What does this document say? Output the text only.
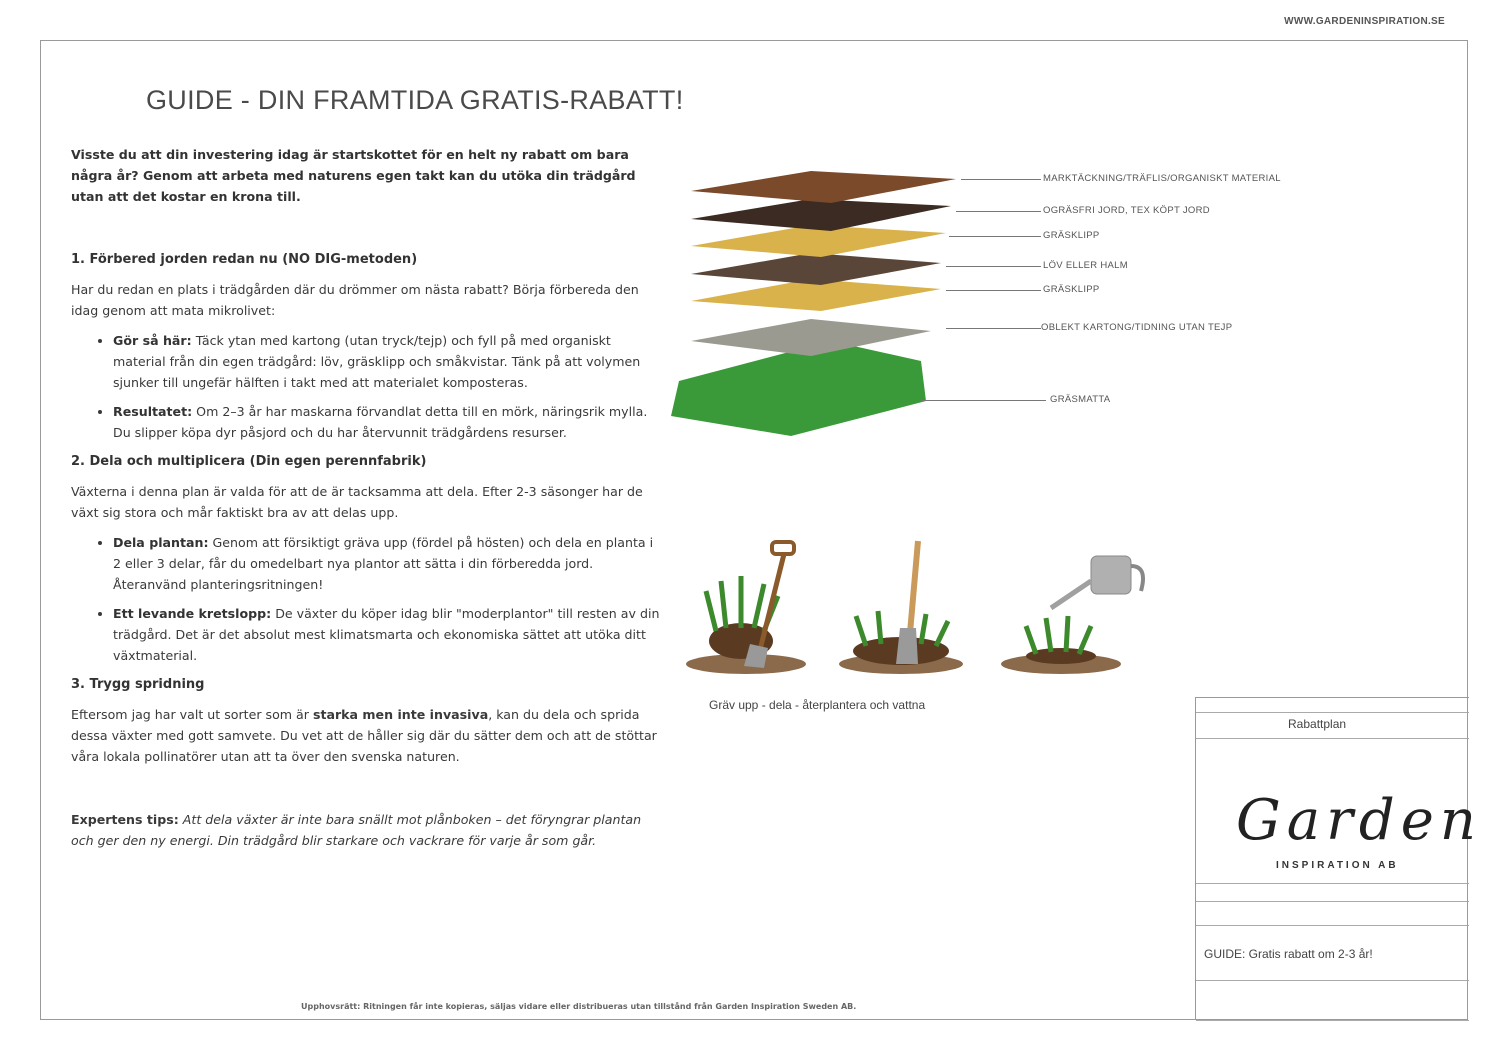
WWW.GARDENINSPIRATION.SE
GUIDE - DIN FRAMTIDA GRATIS-RABATT!
Visste du att din investering idag är startskottet för en helt ny rabatt om bara några år? Genom att arbeta med naturens egen takt kan du utöka din trädgård utan att det kostar en krona till.
1. Förbered jorden redan nu (NO DIG-metoden)

Har du redan en plats i trädgården där du drömmer om nästa rabatt? Börja förbereda den idag genom att mata mikrolivet:

• Gör så här: Täck ytan med kartong (utan tryck/tejp) och fyll på med organiskt material från din egen trädgård: löv, gräsklipp och småkvistar. Tänk på att volymen sjunker till ungefär hälften i takt med att materialet komposteras.
• Resultatet: Om 2–3 år har maskarna förvandlat detta till en mörk, näringsrik mylla. Du slipper köpa dyr påsjord och du har återvunnit trädgårdens resurser.
2. Dela och multiplicera (Din egen perennfabrik)

Växterna i denna plan är valda för att de är tacksamma att dela. Efter 2-3 säsonger har de växt sig stora och mår faktiskt bra av att delas upp.

• Dela plantan: Genom att försiktigt gräva upp (fördel på hösten) och dela en planta i 2 eller 3 delar, får du omedelbart nya plantor att sätta i din förberedda jord. Återanvänd planteringsritningen!
• Ett levande kretslopp: De växter du köper idag blir "moderplantor" till resten av din trädgård. Det är det absolut mest klimatsmarta och ekonomiska sättet att utöka ditt växtmaterial.
3. Trygg spridning

Eftersom jag har valt ut sorter som är starka men inte invasiva, kan du dela och sprida dessa växter med gott samvete. Du vet att de håller sig där du sätter dem och att de stöttar våra lokala pollinatörer utan att ta över den svenska naturen.

Expertens tips: Att dela växter är inte bara snällt mot plånboken – det föryngrar plantan och ger den ny energi. Din trädgård blir starkare och vackrare för varje år som går.

MARKTÄCKNING/TRÄFLIS/ORGANISKT MATERIAL
OGRÄSFRI JORD, TEX KÖPT JORD
GRÄSKLIPP
LÖV ELLER HALM
GRÄSKLIPP
OBLEKT KARTONG/TIDNING UTAN TEJP
GRÄSMATTA
Gräv upp - dela - återplantera och vattna
Rabattplan
Garden
INSPIRATION AB
GUIDE: Gratis rabatt om 2-3 år!
Upphovsrätt: Ritningen får inte kopieras, säljas vidare eller distribueras utan tillstånd från Garden Inspiration Sweden AB.
